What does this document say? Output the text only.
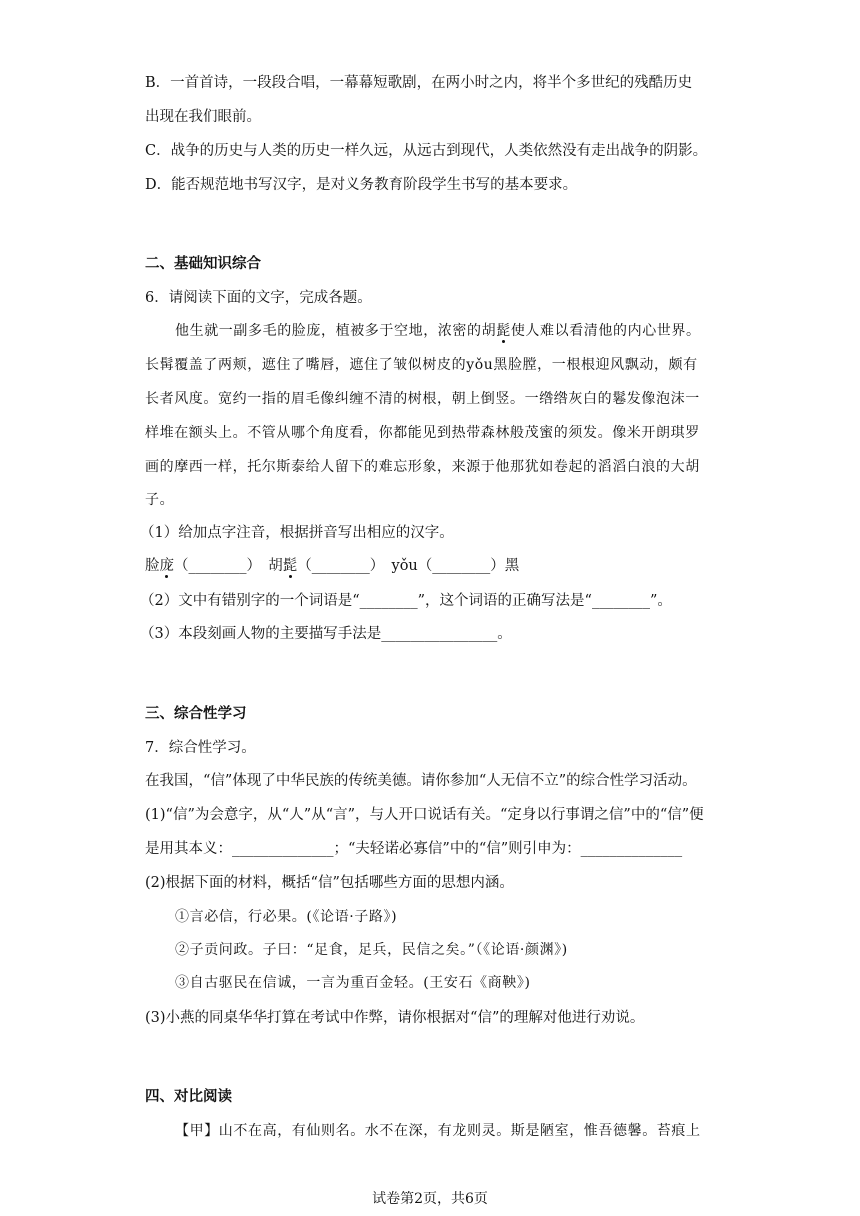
B．一首首诗，一段段合唱，一幕幕短歌剧，在两小时之内，将半个多世纪的残酷历史
出现在我们眼前。
C．战争的历史与人类的历史一样久远，从远古到现代，人类依然没有走出战争的阴影。
D．能否规范地书写汉字，是对义务教育阶段学生书写的基本要求。
二、基础知识综合
6．请阅读下面的文字，完成各题。
他生就一副多毛的脸庞，植被多于空地，浓密的胡髭使人难以看清他的内心世界。
长髯覆盖了两颊，遮住了嘴唇，遮住了皱似树皮的yǒu黑脸膛，一根根迎风飘动，颇有
长者风度。宽约一指的眉毛像纠缠不清的树根，朝上倒竖。一绺绺灰白的鬈发像泡沫一
样堆在额头上。不管从哪个角度看，你都能见到热带森林般茂蜜的须发。像米开朗琪罗
画的摩西一样，托尔斯泰给人留下的难忘形象，来源于他那犹如卷起的滔滔白浪的大胡
子。
（1）给加点字注音，根据拼音写出相应的汉字。
脸庞（________）　胡髭（________）　yǒu（________）黑
（2）文中有错别字的一个词语是“________”，这个词语的正确写法是“________”。
（3）本段刻画人物的主要描写手法是________________。
三、综合性学习
7．综合性学习。
在我国，“信”体现了中华民族的传统美德。请你参加“人无信不立”的综合性学习活动。
(1)“信”为会意字，从“人”从“言”，与人开口说话有关。“定身以行事谓之信”中的“信”便
是用其本义：______________；“夫轻诺必寡信”中的“信”则引申为：______________
(2)根据下面的材料，概括“信”包括哪些方面的思想内涵。
①言必信，行必果。(《论语·子路》)
②子贡问政。子曰：“足食，足兵，民信之矣。”（《论语·颜渊》)
③自古驱民在信诚，一言为重百金轻。(王安石《商鞅》)
(3)小燕的同桌华华打算在考试中作弊，请你根据对“信”的理解对他进行劝说。
四、对比阅读
【甲】山不在高，有仙则名。水不在深，有龙则灵。斯是陋室，惟吾德馨。苔痕上
试卷第2页，共6页
